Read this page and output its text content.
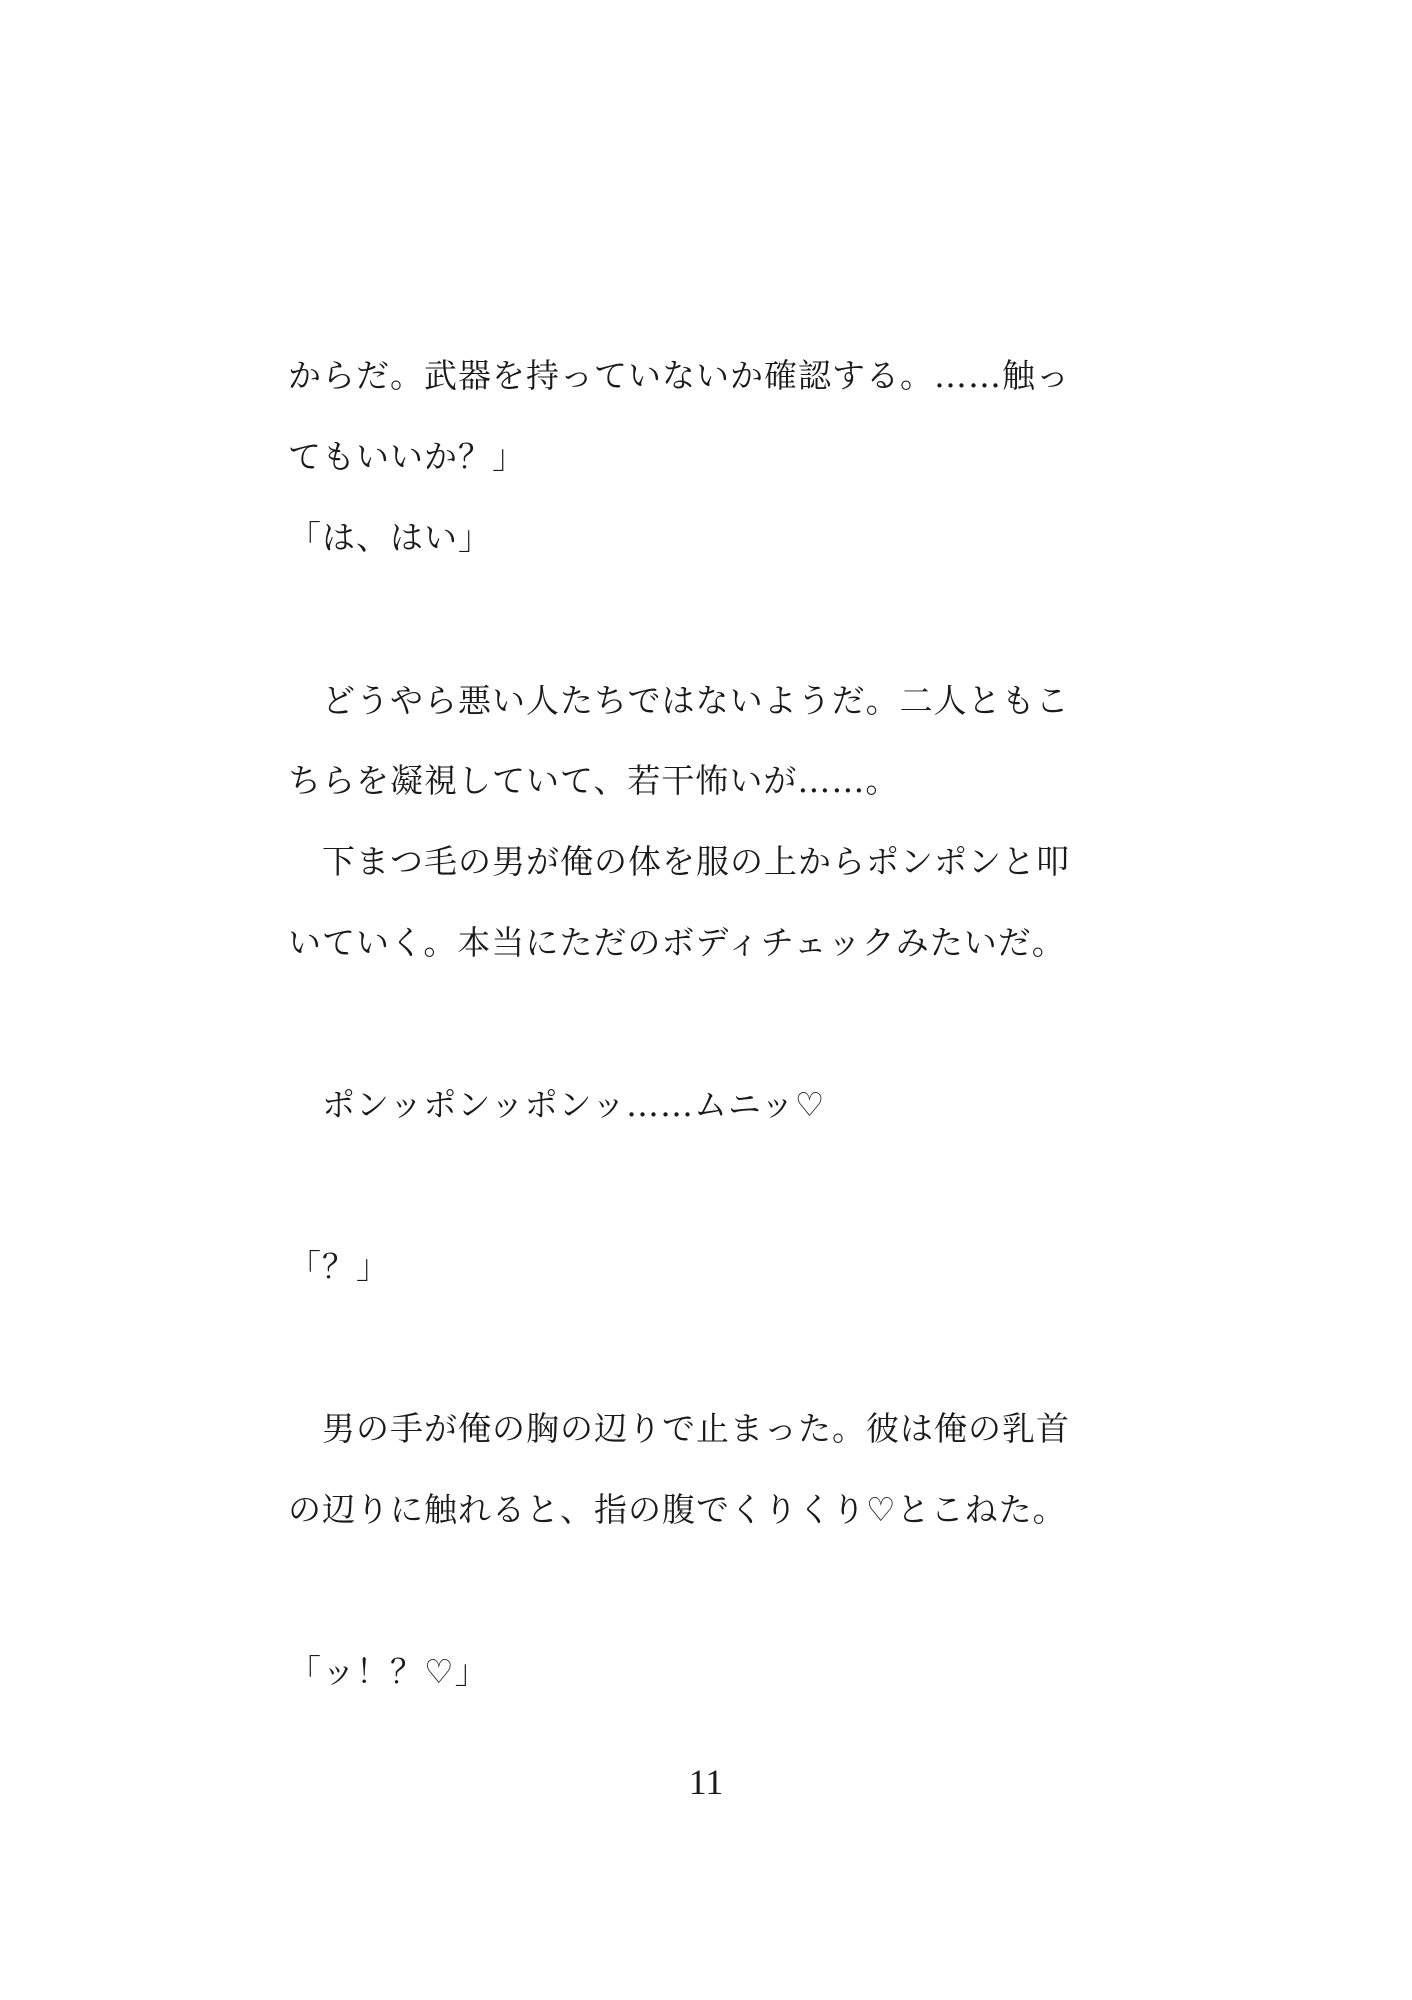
からだ。武器を持っていないか確認する。……触っ
てもいいか？」
「は、はい」
　どうやら悪い人たちではないようだ。二人ともこ
ちらを凝視していて、若干怖いが……。
　下まつ毛の男が俺の体を服の上からポンポンと叩
いていく。本当にただのボディチェックみたいだ。
　ポンッポンッポンッ……ムニッ♡
「？」
　男の手が俺の胸の辺りで止まった。彼は俺の乳首
の辺りに触れると、指の腹でくりくり♡とこねた。
「ッ！？♡」
11
